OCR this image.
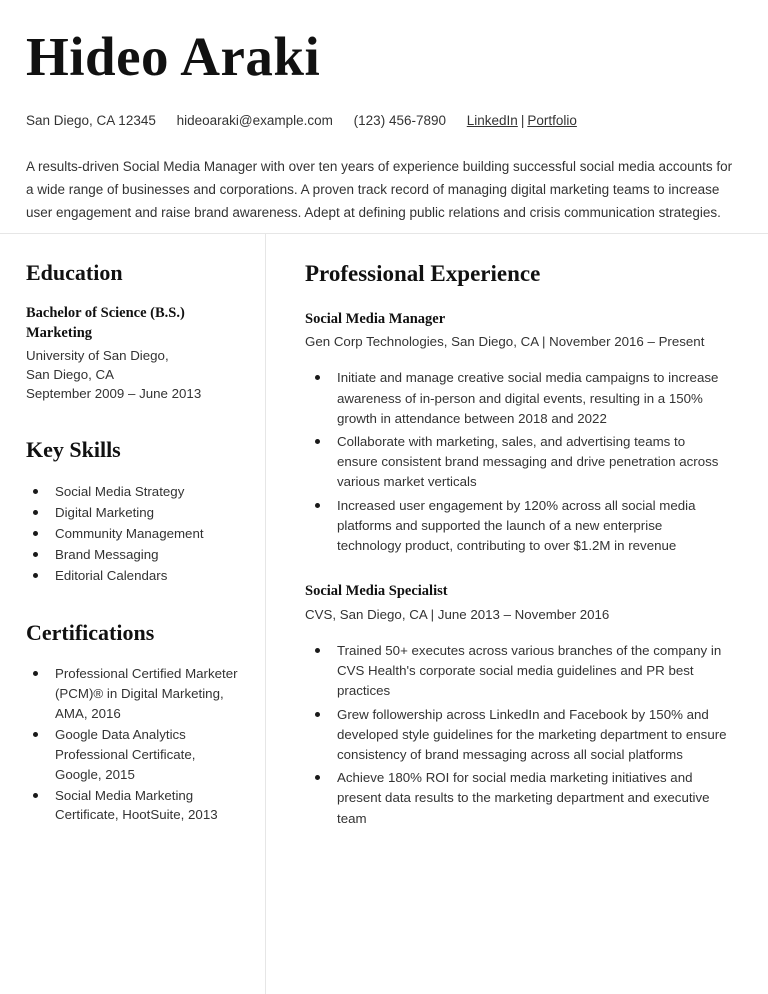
Hideo Araki
San Diego, CA 12345 hideoaraki@example.com (123) 456-7890 LinkedIn | Portfolio

A results-driven Social Media Manager with over ten years of experience building successful social media accounts for a wide range of businesses and corporations. A proven track record of managing digital marketing teams to increase user engagement and raise brand awareness. Adept at defining public relations and crisis communication strategies.

Education

Bachelor of Science (B.S.) Marketing

University of San Diego,

San Diego, CA

September 2009 – June 2013

Key Skills
Social Media Strategy
Digital Marketing
Community Management
Brand Messaging
Editorial Calendars
Certifications
Professional Certified Marketer (PCM)® in Digital Marketing, AMA, 2016
Google Data Analytics Professional Certificate, Google, 2015
Social Media Marketing Certificate, HootSuite, 2013
Professional Experience

Social Media Manager

Gen Corp Technologies, San Diego, CA | November 2016 – Present

Initiate and manage creative social media campaigns to increase awareness of in-person and digital events, resulting in a 150% growth in attendance between 2018 and 2022
Collaborate with marketing, sales, and advertising teams to ensure consistent brand messaging and drive penetration across various market verticals
Increased user engagement by 120% across all social media platforms and supported the launch of a new enterprise technology product, contributing to over $1.2M in revenue

Social Media Specialist

CVS, San Diego, CA | June 2013 – November 2016

Trained 50+ executes across various branches of the company in CVS Health's corporate social media guidelines and PR best practices
Grew followership across LinkedIn and Facebook by 150% and developed style guidelines for the marketing department to ensure consistency of brand messaging across all social platforms
Achieve 180% ROI for social media marketing initiatives and present data results to the marketing department and executive team
